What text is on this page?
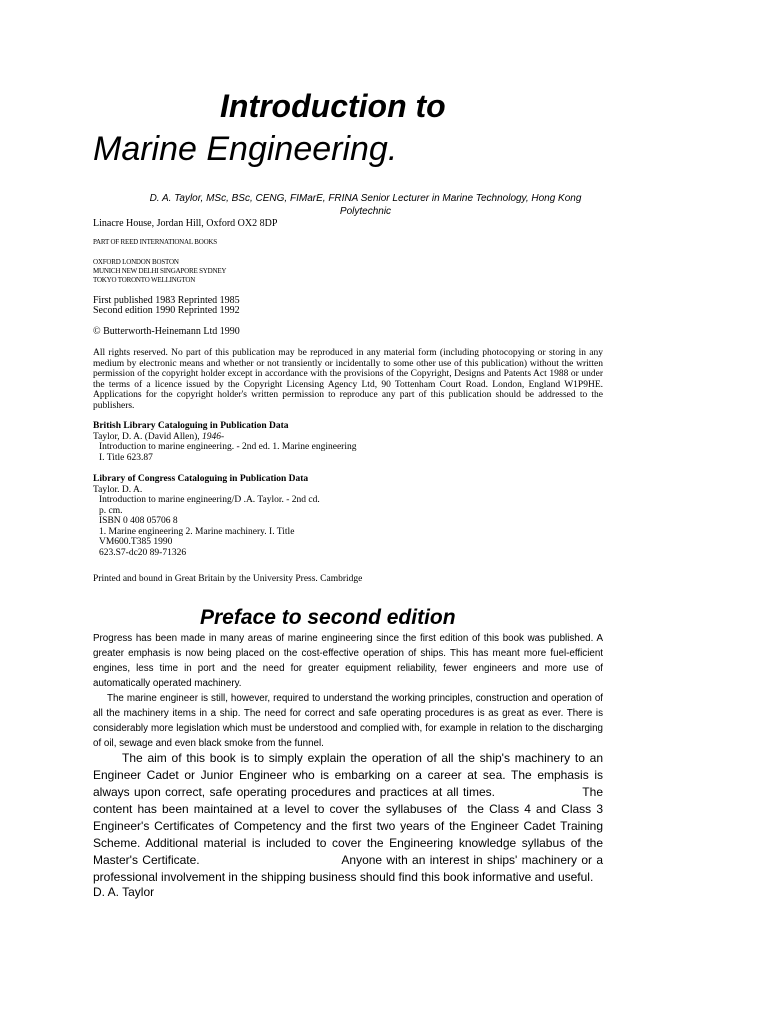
Introduction to
Marine Engineering.
D. A. Taylor, MSc, BSc, CENG, FIMarE, FRINA Senior Lecturer in Marine Technology, Hong Kong Polytechnic
Linacre House, Jordan Hill, Oxford OX2 8DP
PART OF REED INTERNATIONAL BOOKS
OXFORD LONDON BOSTON
MUNICH NEW DELHI SINGAPORE SYDNEY
TOKYO TORONTO WELLINGTON
First published 1983 Reprinted 1985
Second edition 1990 Reprinted 1992
© Butterworth-Heinemann Ltd 1990
All rights reserved. No part of this publication may be reproduced in any material form (including photocopying or storing in any medium by electronic means and whether or not transiently or incidentally to some other use of this publication) without the written permission of the copyright holder except in accordance with the provisions of the Copyright, Designs and Patents Act 1988 or under the terms of a licence issued by the Copyright Licensing Agency Ltd, 90 Tottenham Court Road. London, England W1P9HE. Applications for the copyright holder's written permission to reproduce any part of this publication should be addressed to the publishers.
British Library Cataloguing in Publication Data
Taylor, D. A. (David Allen), 1946-
Introduction to marine engineering. - 2nd ed. 1. Marine engineering
I. Title 623.87
Library of Congress Cataloguing in Publication Data
Taylor. D. A.
Introduction to marine engineering/D .A. Taylor. - 2nd cd.
p. cm.
ISBN 0 408 05706 8
1. Marine engineering 2. Marine machinery. I. Title
VM600.T385 1990
623.S7-dc20 89-71326
Printed and bound in Great Britain by the University Press. Cambridge
Preface to second edition
Progress has been made in many areas of marine engineering since the first edition of this book was published. A greater emphasis is now being placed on the cost-effective operation of ships. This has meant more fuel-efficient engines, less time in port and the need for greater equipment reliability, fewer engineers and more use of automatically operated machinery.
The marine engineer is still, however, required to understand the working principles, construction and operation of all the machinery items in a ship. The need for correct and safe operating procedures is as great as ever. There is considerably more legislation which must be understood and complied with, for example in relation to the discharging of oil, sewage and even black smoke from the funnel.
The aim of this book is to simply explain the operation of all the ship's machinery to an Engineer Cadet or Junior Engineer who is embarking on a career at sea. The emphasis is always upon correct, safe operating procedures and practices at all times.                    The content has been maintained at a level to cover the syllabuses of  the Class 4 and Class 3 Engineer's Certificates of Competency and the first two years of the Engineer Cadet Training Scheme. Additional material is included to cover the Engineering knowledge syllabus of the Master's Certificate.                                 Anyone with an interest in ships' machinery or a professional involvement in the shipping business should find this book informative and useful.
D. A. Taylor
